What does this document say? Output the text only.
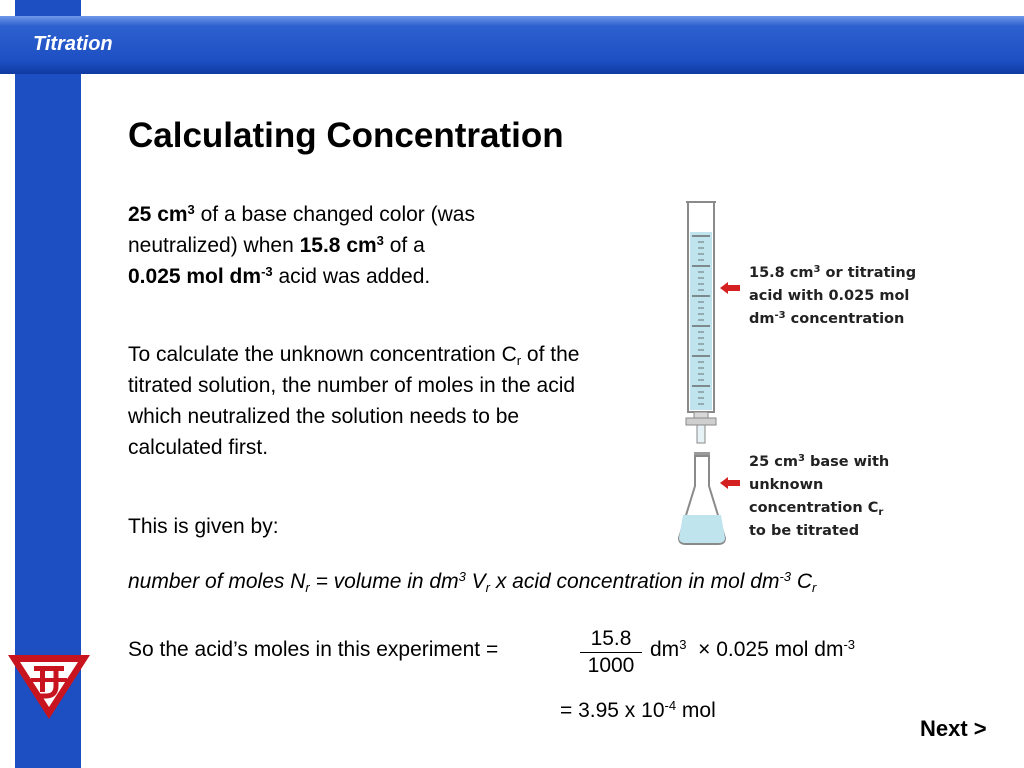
Titration
Calculating Concentration
25 $cm^3$ of a base changed color (was neutralized) when 15.8 $cm^3$ of a
0.025 mol $dm^{-3}$ acid was added.
To calculate the unknown concentration $C_r$ of the titrated solution, the number of moles in the acid which neutralized the solution needs to be calculated first.
This is given by:
number of moles $N_r$ = volume in $dm^3$ $V_r$ x acid concentration in mol $dm^{-3}$ $C_r$
So the acid’s moles in this experiment =	15.8
1000
$dm^3 \times 0.025$ mol $dm^{-3}$
= 3.95 x $10^{-4}$ mol
Next >
15.8 $cm^3$ or titrating
acid with 0.025 mol
$dm^{-3}$ concentration
25 $cm^3$ base with
unknown
concentration $C_r$
to be titrated
